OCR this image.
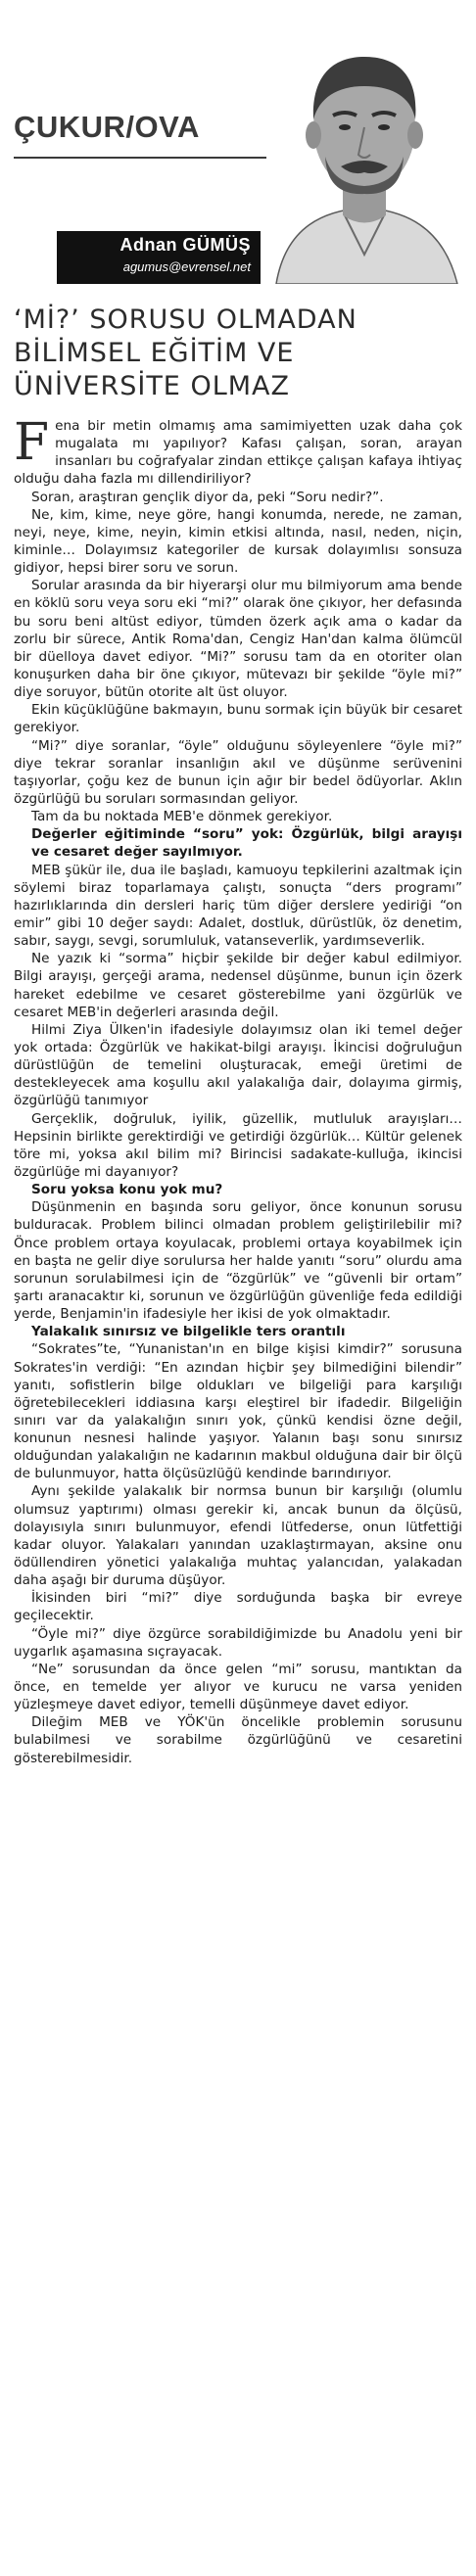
ÇUKUR/OVA
Adnan GÜMÜŞ
agumus@evrensel.net
‘Mİ?’ SORUSU OLMADAN BİLİMSEL EĞİTİM VE ÜNİVERSİTE OLMAZ

Fena bir metin olmamış ama samimiyetten uzak daha çok mugalata mı yapılıyor? Kafası çalışan, soran, arayan insanları bu coğrafyalar zindan ettikçe çalışan kafaya ihtiyaç olduğu daha fazla mı dillendiriliyor?

Soran, araştıran gençlik diyor da, peki “Soru nedir?”.

Ne, kim, kime, neye göre, hangi konumda, nerede, ne zaman, neyi, neye, kime, neyin, kimin etkisi altında, nasıl, neden, niçin, kiminle… Dolayımsız kategoriler de kursak dolayımlısı sonsuza gidiyor, hepsi birer soru ve sorun.

Sorular arasında da bir hiyerarşi olur mu bilmiyorum ama bende en köklü soru veya soru eki “mi?” olarak öne çıkıyor, her defasında bu soru beni altüst ediyor, tümden özerk açık ama o kadar da zorlu bir sürece, Antik Roma'dan, Cengiz Han'dan kalma ölümcül bir düelloya davet ediyor. “Mi?” sorusu tam da en otoriter olan konuşurken daha bir öne çıkıyor, mütevazı bir şekilde “öyle mi?” diye soruyor, bütün otorite alt üst oluyor.

Ekin küçüklüğüne bakmayın, bunu sormak için büyük bir cesaret gerekiyor.

“Mi?” diye soranlar, “öyle” olduğunu söyleyenlere “öyle mi?” diye tekrar soranlar insanlığın akıl ve düşünme serüvenini taşıyorlar, çoğu kez de bunun için ağır bir bedel ödüyorlar. Aklın özgürlüğü bu soruları sormasından geliyor.

Tam da bu noktada MEB'e dönmek gerekiyor.

Değerler eğitiminde “soru” yok: Özgürlük, bilgi arayışı ve cesaret değer sayılmıyor.

MEB şükür ile, dua ile başladı, kamuoyu tepkilerini azaltmak için söylemi biraz toparlamaya çalıştı, sonuçta “ders programı” hazırlıklarında din dersleri hariç tüm diğer derslere yediriği “on emir” gibi 10 değer saydı: Adalet, dostluk, dürüstlük, öz denetim, sabır, saygı, sevgi, sorumluluk, vatanseverlik, yardımseverlik.

Ne yazık ki “sorma” hiçbir şekilde bir değer kabul edilmiyor. Bilgi arayışı, gerçeği arama, nedensel düşünme, bunun için özerk hareket edebilme ve cesaret gösterebilme yani özgürlük ve cesaret MEB'in değerleri arasında değil.

Hilmi Ziya Ülken'in ifadesiyle dolayımsız olan iki temel değer yok ortada: Özgürlük ve hakikat-bilgi arayışı. İkincisi doğruluğun dürüstlüğün de temelini oluşturacak, emeği üretimi de destekleyecek ama koşullu akıl yalakalığa dair, dolayıma girmiş, özgürlüğü tanımıyor

Gerçeklik, doğruluk, iyilik, güzellik, mutluluk arayışları… Hepsinin birlikte gerektirdiği ve getirdiği özgürlük… Kültür gelenek töre mi, yoksa akıl bilim mi? Birincisi sadakate-kulluğa, ikincisi özgürlüğe mi dayanıyor?

Soru yoksa konu yok mu?

Düşünmenin en başında soru geliyor, önce konunun sorusu bulduracak. Problem bilinci olmadan problem geliştirilebilir mi? Önce problem ortaya koyulacak, problemi ortaya koyabilmek için en başta ne gelir diye sorulursa her halde yanıtı “soru” olurdu ama sorunun sorulabilmesi için de “özgürlük” ve “güvenli bir ortam” şartı aranacaktır ki, sorunun ve özgürlüğün güvenliğe feda edildiği yerde, Benjamin'in ifadesiyle her ikisi de yok olmaktadır.

Yalakalık sınırsız ve bilgelikle ters orantılı

“Sokrates”te, “Yunanistan'ın en bilge kişisi kimdir?” sorusuna Sokrates'in verdiği: “En azından hiçbir şey bilmediğini bilendir” yanıtı, sofistlerin bilge oldukları ve bilgeliği para karşılığı öğretebilecekleri iddiasına karşı eleştirel bir ifadedir. Bilgeliğin sınırı var da yalakalığın sınırı yok, çünkü kendisi özne değil, konunun nesnesi halinde yaşıyor. Yalanın başı sonu sınırsız olduğundan yalakalığın ne kadarının makbul olduğuna dair bir ölçü de bulunmuyor, hatta ölçüsüzlüğü kendinde barındırıyor.

Aynı şekilde yalakalık bir normsa bunun bir karşılığı (olumlu olumsuz yaptırımı) olması gerekir ki, ancak bunun da ölçüsü, dolayısıyla sınırı bulunmuyor, efendi lütfederse, onun lütfettiği kadar oluyor. Yalakaları yanından uzaklaştırmayan, aksine onu ödüllendiren yönetici yalakalığa muhtaç yalancıdan, yalakadan daha aşağı bir duruma düşüyor.

İkisinden biri “mi?” diye sorduğunda başka bir evreye geçilecektir.

“Öyle mi?” diye özgürce sorabildiğimizde bu Anadolu yeni bir uygarlık aşamasına sıçrayacak.

“Ne” sorusundan da önce gelen “mi” sorusu, mantıktan da önce, en temelde yer alıyor ve kurucu ne varsa yeniden yüzleşmeye davet ediyor, temelli düşünmeye davet ediyor.

Dileğim MEB ve YÖK'ün öncelikle problemin sorusunu bulabilmesi ve sorabilme özgürlüğünü ve cesaretini gösterebilmesidir.
